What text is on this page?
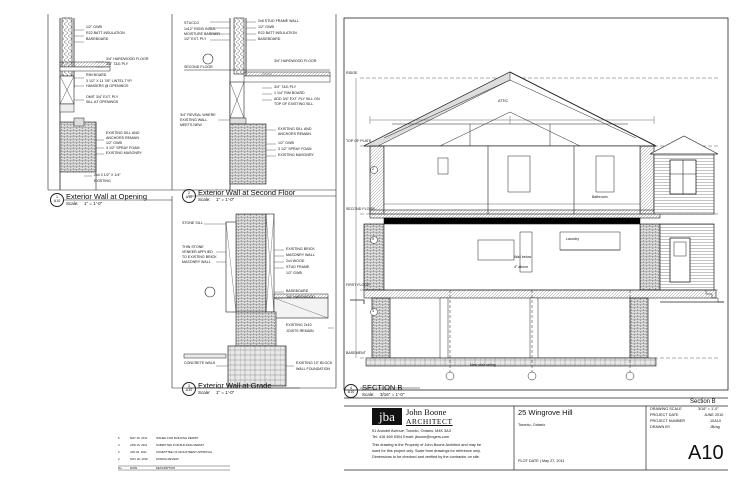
1/2" GWB
R22 BATT INSULATION
BASEBOARD
3/4" HARDWOOD FLOOR
3/4" T&G PLY
RIM BOARD
3 1/2" X 11 7/8" LINTEL TYP.
HANGERS @ OPENINGS
OMIT 3/4" EXT. PLY
SILL AT OPENINGS
EXISTING SILL AND
ANCHORS REMAIN
1/2" GWB
3 1/2" SPRAY FOAM
EXISTING MASONRY
2x4 3 1/2" X 1/4"
EXISTING
1
A10
Exterior Wall at Opening
Scale: 1" = 1'-0"
STUCCO
1x12" RIGID INSUL
MOISTURE BARRIER
1/2" EXT. PLY
2x6 STUD FRAME WALL
1/2" GWB
R22 BATT INSULATION
BASEBOARD
SECOND FLOOR
3/4" HARDWOOD FLOOR
3/4" T&G PLY
1 1/4" RIM BOARD
ADD 3/4" EXT. PLY SILL ON
TOP OF EXISTING SILL
3/4" REVEAL WHERE
EXISTING WALL
MEETS NEW
EXISTING SILL AND
ANCHORS REMAIN
1/2" GWB
3 1/2" SPRAY FOAM
EXISTING MASONRY
2
A10
Exterior Wall at Second Floor
Scale: 1" = 1'-0"
STONE SILL
THIN STONE
VENEER APPLIED
TO EXISTING BRICK
MASONRY WALL
EXISTING BRICK
MASONRY WALL
2x4 WOOD
STUD FRAME
1/2" GWB
BASEBOARD
3/4" HARDWOOD
EXISTING 2x10
JOISTS REMAIN
CONCRETE WALK	EXISTING 10" BLOCK
WALL FOUNDATION
3
A10
Exterior Wall at Grade
Scale: 1" = 1'-0"
ATTIC
Bathroom
Wall below
4" above
Laundry
New stair railing
RIDGE
TOP OF PLATE
SECOND FLOOR
FIRST FLOOR
BASEMENT
2
5
3
4
A10
SECTION B
Scale: 3/16" = 1'-0"
Section B
jba	John Boone
ARCHITECT
51 Arundel Avenue, Toronto, Ontario, M4K 3A3
Tel: 416 469 5304 Email: jboone@rogers.com
This drawing is the Property of John Boone Architect and may be
used for this project only. Scale from drawings for reference only.
Dimensions to be checked and verified by the contractor on site.
25 Wingrove Hill
Toronto, Ontario
PLOT DATE | May 27, 2011
DRAWING SCALE	3/16" = 1'-0"
PROJECT DATE	JUNE 2010
PROJECT NUMBER	10A10
DRAWN BY	JB/ag
A10
5	MAY 26, 2011	ISSUED FOR BUILDING PERMIT
4	APR 15, 2011	SUBMITTED FOR BUILDING PERMIT
3	JAN 20, 2011	COMMITTEE OF ADJUSTMENT APPROVAL
2	NOV 26, 2010	ZONING REVIEW
No.	DATE	DESCRIPTION
